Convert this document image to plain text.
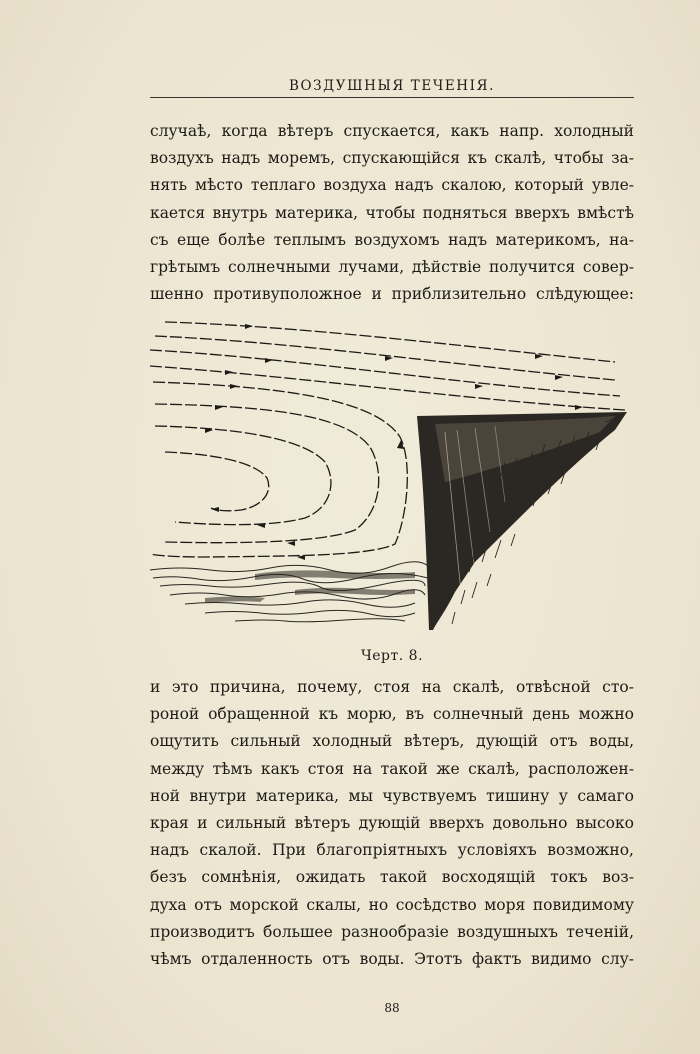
ВОЗДУШНЫЯ ТЕЧЕНІЯ.
случаѣ, когда вѣтеръ спускается, какъ напр. холодный
воздухъ надъ моремъ, спускающійся къ скалѣ, чтобы за-
нять мѣсто теплаго воздуха надъ скалою, который увле-
кается внутрь материка, чтобы подняться вверхъ вмѣстѣ
съ еще болѣе теплымъ воздухомъ надъ материкомъ, на-
грѣтымъ солнечными лучами, дѣйствіе получится совер-
шенно противуположное и приблизительно слѣдующее:
Черт. 8.
и это причина, почему, стоя на скалѣ, отвѣсной сто-
роной обращенной къ морю, въ солнечный день можно
ощутить сильный холодный вѣтеръ, дующій отъ воды,
между тѣмъ какъ стоя на такой же скалѣ, расположен-
ной внутри материка, мы чувствуемъ тишину у самаго
края и сильный вѣтеръ дующій вверхъ довольно высоко
надъ скалой. При благопріятныхъ условіяхъ возможно,
безъ сомнѣнія, ожидать такой восходящій токъ воз-
духа отъ морской скалы, но сосѣдство моря повидимому
производитъ большее разнообразіе воздушныхъ теченій,
чѣмъ отдаленность отъ воды. Этотъ фактъ видимо слу-
88
